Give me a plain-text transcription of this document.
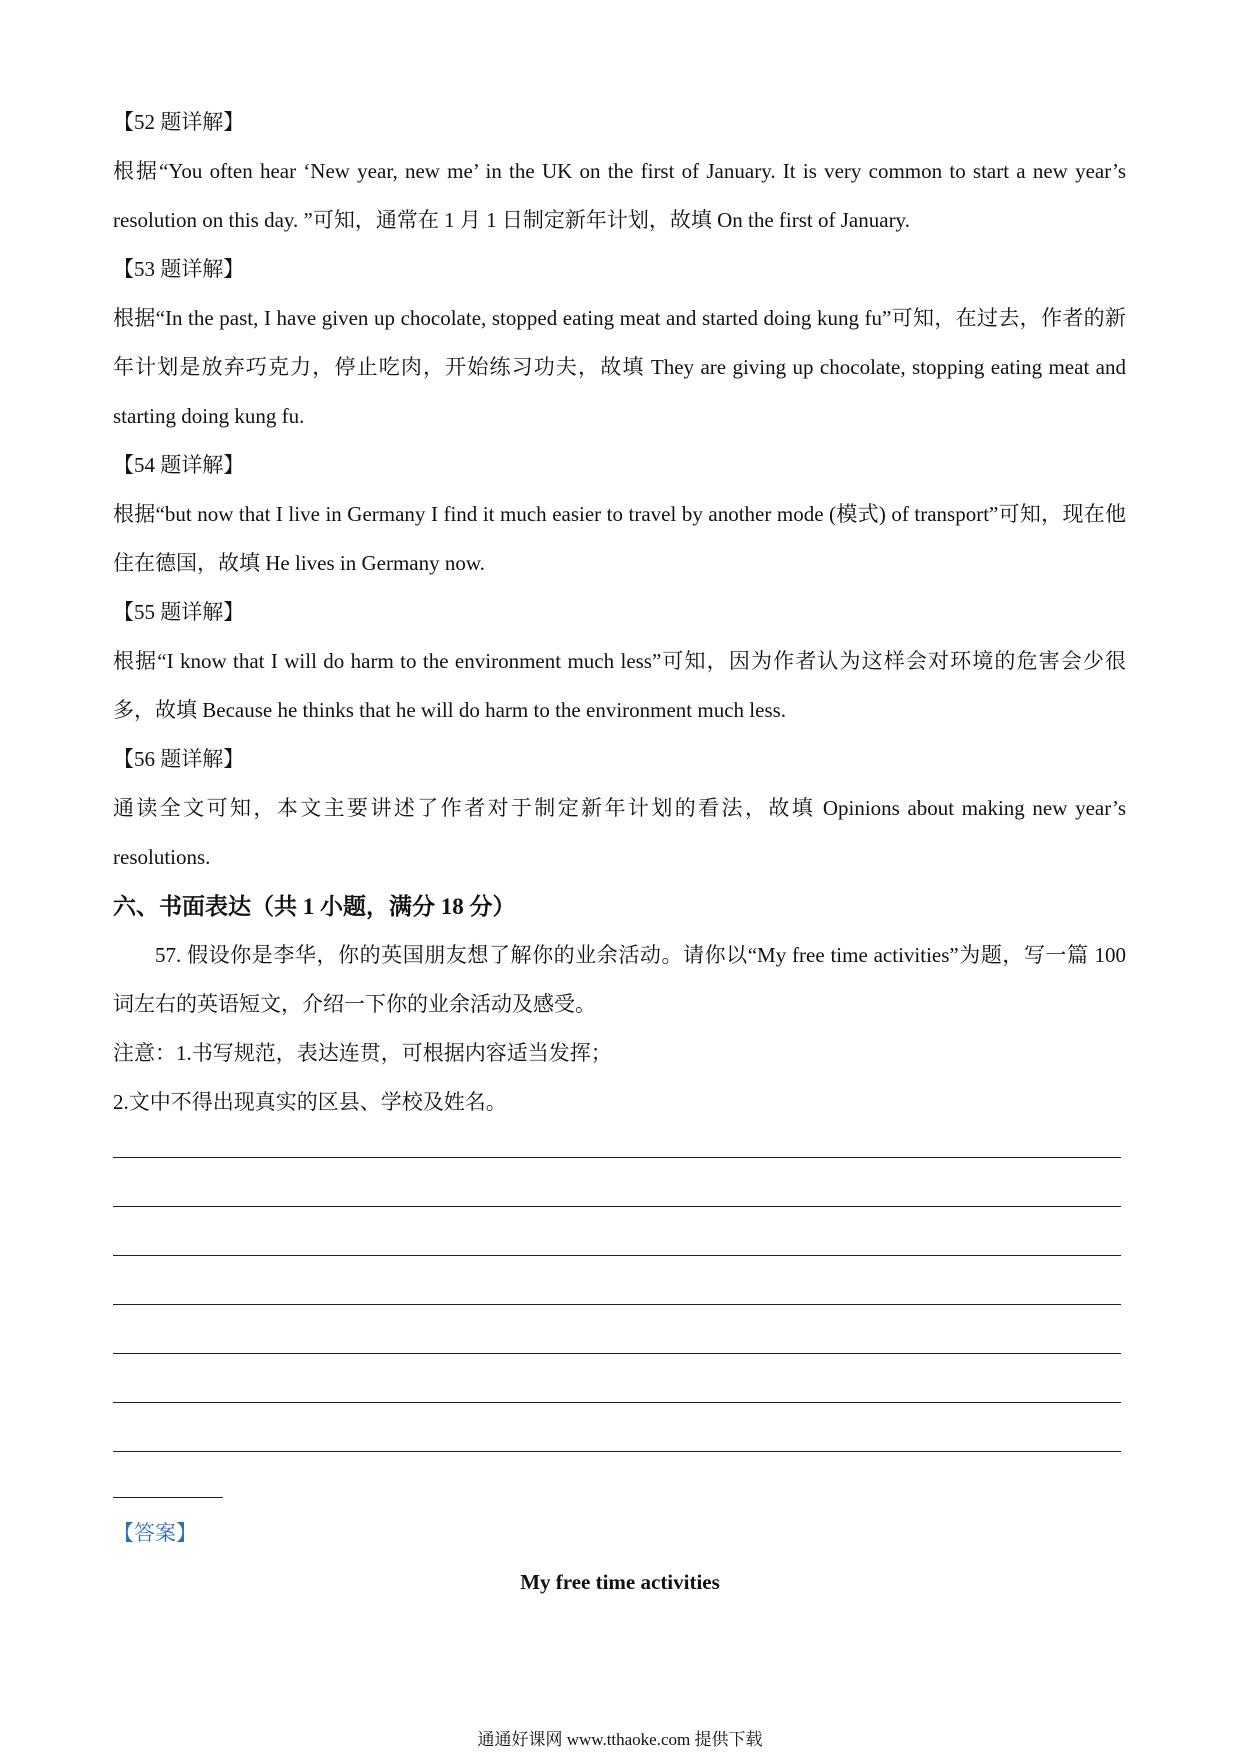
【52 题详解】

根据“You often hear ‘New year, new me’ in the UK on the first of January. It is very common to start a new year’s resolution on this day. ”可知，通常在 1 月 1 日制定新年计划，故填 On the first of January.

【53 题详解】

根据“In the past, I have given up chocolate, stopped eating meat and started doing kung fu”可知，在过去，作者的新年计划是放弃巧克力，停止吃肉，开始练习功夫，故填 They are giving up chocolate, stopping eating meat and starting doing kung fu.

【54 题详解】

根据“but now that I live in Germany I find it much easier to travel by another mode (模式) of transport”可知，现在他住在德国，故填 He lives in Germany now.

【55 题详解】

根据“I know that I will do harm to the environment much less”可知，因为作者认为这样会对环境的危害会少很多，故填 Because he thinks that he will do harm to the environment much less.

【56 题详解】

通读全文可知，本文主要讲述了作者对于制定新年计划的看法，故填 Opinions about making new year’s resolutions.

六、书面表达（共 1 小题，满分 18 分）

57. 假设你是李华，你的英国朋友想了解你的业余活动。请你以“My free time activities”为题，写一篇 100 词左右的英语短文，介绍一下你的业余活动及感受。

注意：1.书写规范，表达连贯，可根据内容适当发挥；

2.文中不得出现真实的区县、学校及姓名。

【答案】
My free time activities
通通好课网 www.tthaoke.com 提供下载
